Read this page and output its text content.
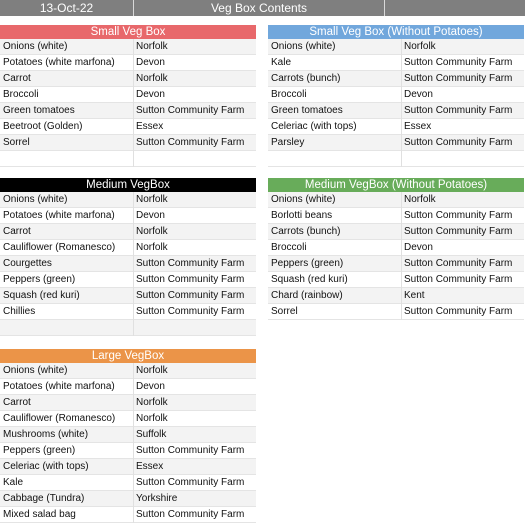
13-Oct-22	Veg Box Contents
Small Veg Box
Onions (white)	Norfolk
Potatoes (white marfona) Devon
Carrot	Norfolk
Broccoli	Devon
Green tomatoes	Sutton Community Farm
Beetroot (Golden)	Essex
Sorrel	Sutton Community Farm
Small Veg Box (Without Potatoes)
Onions (white)	Norfolk
Kale	Sutton Community Farm
Carrots (bunch)	Sutton Community Farm
Broccoli	Devon
Green tomatoes	Sutton Community Farm
Celeriac (with tops)	Essex
Parsley	Sutton Community Farm
Medium VegBox
Onions (white)	Norfolk
Potatoes (white marfona) Devon
Carrot	Norfolk
Cauliflower (Romanesco) Norfolk
Courgettes	Sutton Community Farm
Peppers (green)	Sutton Community Farm
Squash (red kuri)	Sutton Community Farm
Chillies	Sutton Community Farm
Medium VegBox (Without Potatoes)
Onions (white)	Norfolk
Borlotti beans	Sutton Community Farm
Carrots (bunch)	Sutton Community Farm
Broccoli	Devon
Peppers (green)	Sutton Community Farm
Squash (red kuri)	Sutton Community Farm
Chard (rainbow)	Kent
Sorrel	Sutton Community Farm
Large VegBox
Onions (white)	Norfolk
Potatoes (white marfona) Devon
Carrot	Norfolk
Cauliflower (Romanesco) Norfolk
Mushrooms (white)	Suffolk
Peppers (green)	Sutton Community Farm
Celeriac (with tops)	Essex
Kale	Sutton Community Farm
Cabbage (Tundra)	Yorkshire
Mixed salad bag	Sutton Community Farm
